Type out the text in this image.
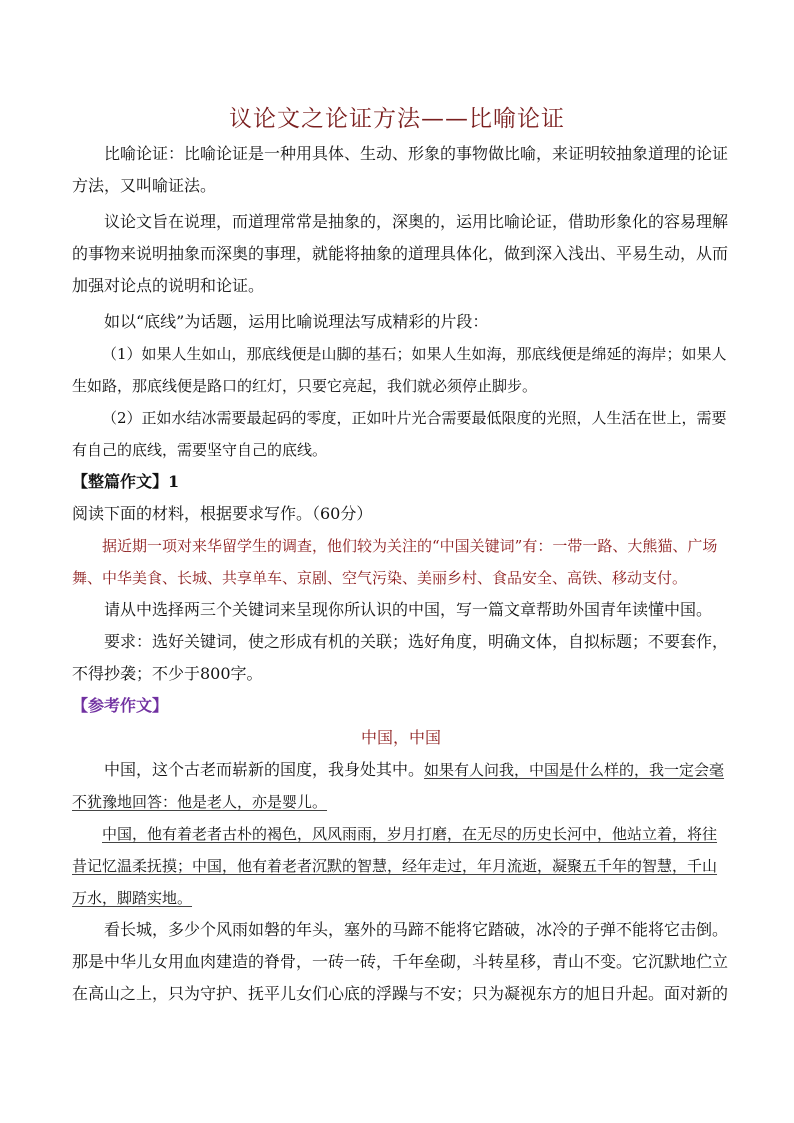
议论文之论证方法——比喻论证

比喻论证：比喻论证是一种用具体、生动、形象的事物做比喻，来证明较抽象道理的论证方法，又叫喻证法。

议论文旨在说理，而道理常常是抽象的，深奥的，运用比喻论证，借助形象化的容易理解的事物来说明抽象而深奥的事理，就能将抽象的道理具体化，做到深入浅出、平易生动，从而加强对论点的说明和论证。

如以“底线”为话题，运用比喻说理法写成精彩的片段：

（1）如果人生如山，那底线便是山脚的基石；如果人生如海，那底线便是绵延的海岸；如果人生如路，那底线便是路口的红灯，只要它亮起，我们就必须停止脚步。

（2）正如水结冰需要最起码的零度，正如叶片光合需要最低限度的光照，人生活在世上，需要有自己的底线，需要坚守自己的底线。

【整篇作文】1

阅读下面的材料，根据要求写作。（60分）

据近期一项对来华留学生的调查，他们较为关注的“中国关键词”有：一带一路、大熊猫、广场舞、中华美食、长城、共享单车、京剧、空气污染、美丽乡村、食品安全、高铁、移动支付。

请从中选择两三个关键词来呈现你所认识的中国，写一篇文章帮助外国青年读懂中国。

要求：选好关键词，使之形成有机的关联；选好角度，明确文体，自拟标题；不要套作，不得抄袭；不少于800字。

【参考作文】

中国，中国

中国，这个古老而崭新的国度，我身处其中。如果有人问我，中国是什么样的，我一定会毫不犹豫地回答：他是老人，亦是婴儿。

中国，他有着老者古朴的褐色，风风雨雨，岁月打磨，在无尽的历史长河中，他站立着，将往昔记忆温柔抚摸；中国，他有着老者沉默的智慧，经年走过，年月流逝，凝聚五千年的智慧，千山万水，脚踏实地。

看长城，多少个风雨如磐的年头，塞外的马蹄不能将它踏破，冰冷的子弹不能将它击倒。那是中华儿女用血肉建造的脊骨，一砖一砖，千年垒砌，斗转星移，青山不变。它沉默地伫立在高山之上，只为守护、抚平儿女们心底的浮躁与不安；只为凝视东方的旭日升起。面对新的
